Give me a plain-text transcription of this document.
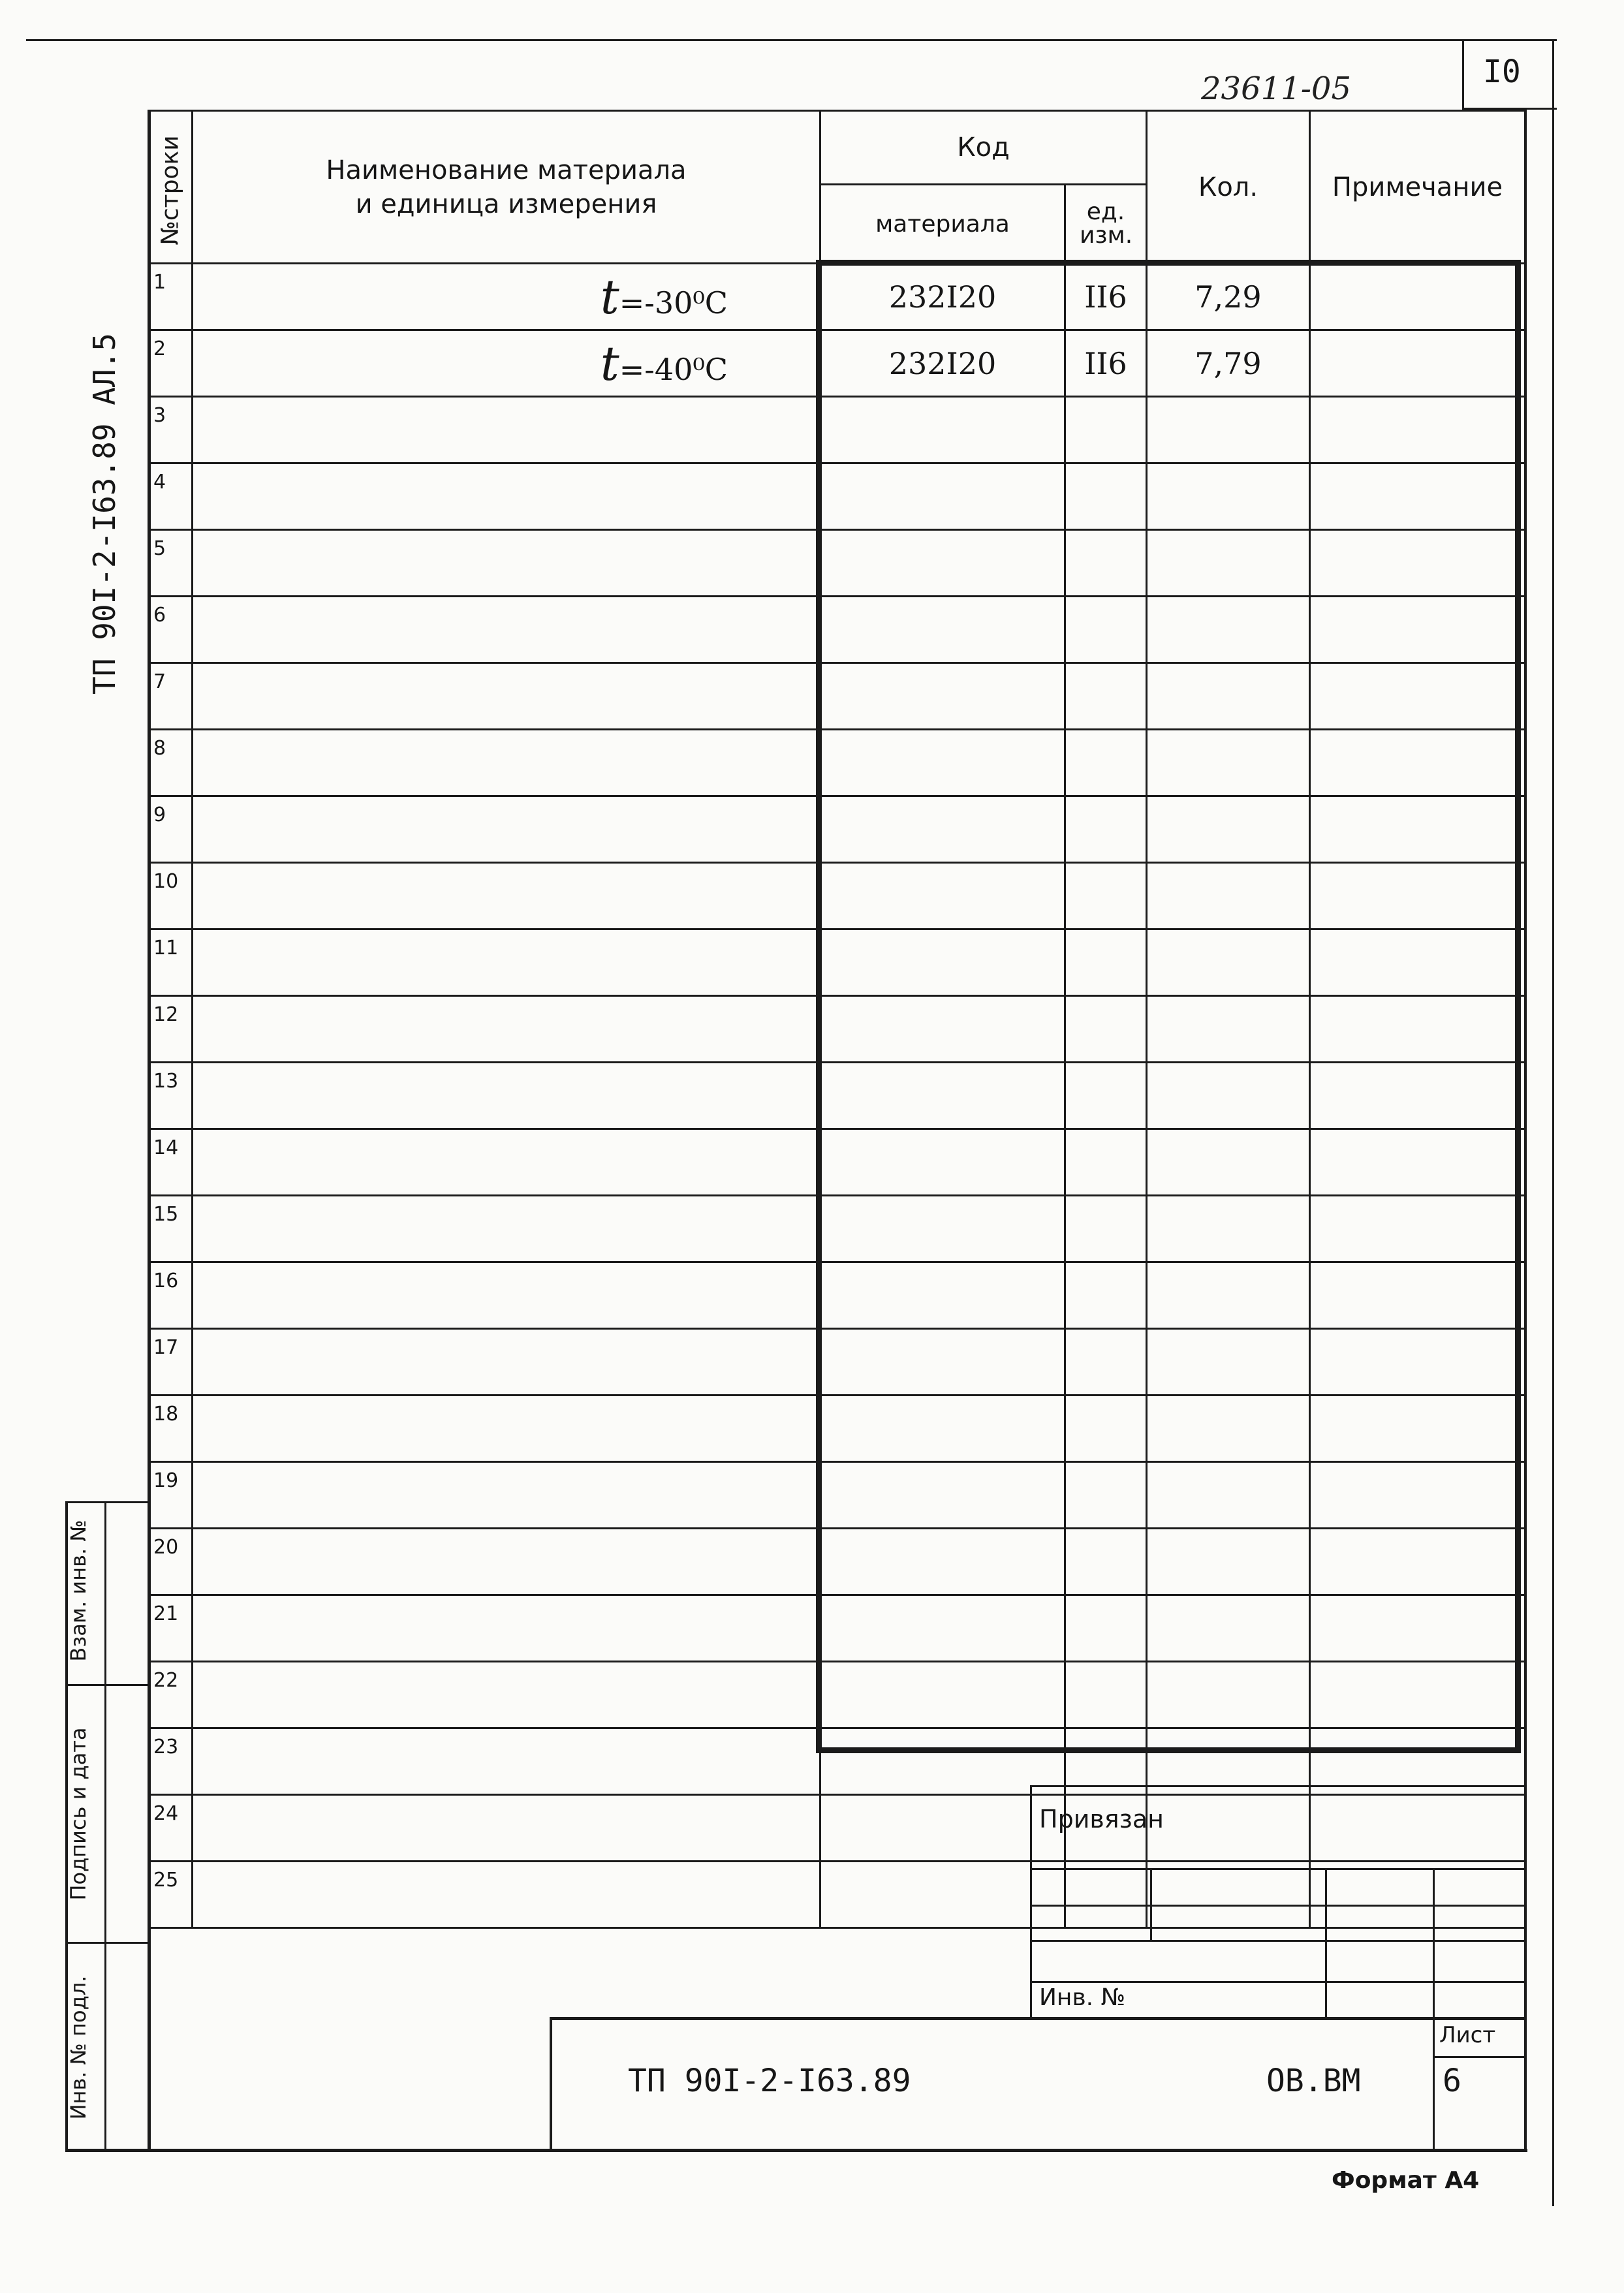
I0
23611-05
ТП 90I-2-I63.89 АЛ.5
№строки	Наименование материала и единица измерения	Код		Кол.	Примечание
		материала	ед. изм.		

1	t=-30⁰C	232I20	II6	7,29	
2	t=-40⁰C	232I20	II6	7,79	
3					
4					
5					
6					
7					
8					
9					
10					
11					
12					
13					
14					
15					
16					
17					
18					
19					
20					
21					
22					
23					
24					
25					
Взам. инв. №
Подпись и дата
Инв. № подл.
Привязан
Инв. №
ТП 90I-2-I63.89	OB.BM
Лист
6
Формат А4
